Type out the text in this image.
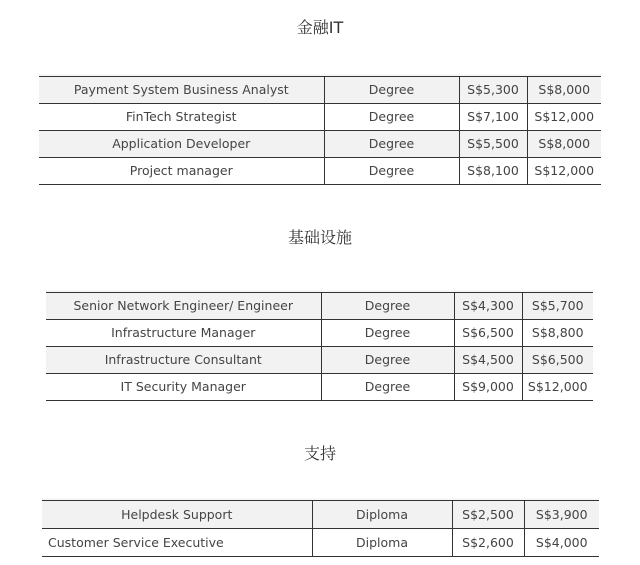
金融IT

Payment System Business Analyst	Degree	S$5,300	S$8,000
FinTech Strategist	Degree	S$7,100	S$12,000
Application Developer	Degree	S$5,500	S$8,000
Project manager	Degree	S$8,100	S$12,000
基础设施

Senior Network Engineer/ Engineer	Degree	S$4,300	S$5,700
Infrastructure Manager	Degree	S$6,500	S$8,800
Infrastructure Consultant	Degree	S$4,500	S$6,500
IT Security Manager	Degree	S$9,000	S$12,000
支持

Helpdesk Support	Diploma	S$2,500	S$3,900
Customer Service Executive	Diploma	S$2,600	S$4,000
